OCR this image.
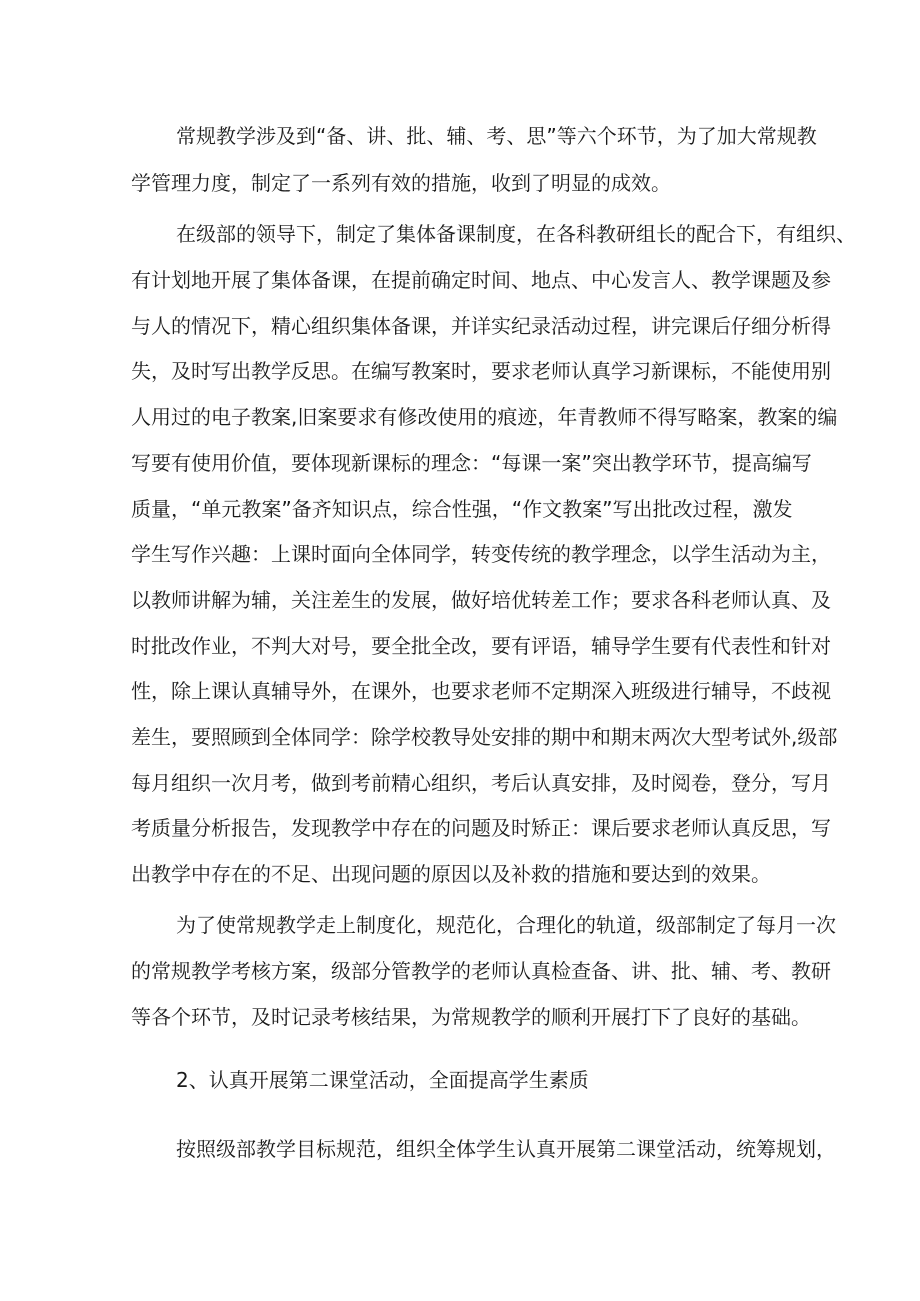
常规教学涉及到“备、讲、批、辅、考、思”等六个环节，为了加大常规教
学管理力度，制定了一系列有效的措施，收到了明显的成效。
在级部的领导下，制定了集体备课制度，在各科教研组长的配合下，有组织、
有计划地开展了集体备课，在提前确定时间、地点、中心发言人、教学课题及参
与人的情况下，精心组织集体备课，并详实纪录活动过程，讲完课后仔细分析得
失，及时写出教学反思。在编写教案时，要求老师认真学习新课标，不能使用别
人用过的电子教案,旧案要求有修改使用的痕迹，年青教师不得写略案，教案的编
写要有使用价值，要体现新课标的理念：“每课一案”突出教学环节，提高编写
质量，“单元教案”备齐知识点，综合性强，“作文教案”写出批改过程，激发
学生写作兴趣：上课时面向全体同学，转变传统的教学理念，以学生活动为主，
以教师讲解为辅，关注差生的发展，做好培优转差工作；要求各科老师认真、及
时批改作业，不判大对号，要全批全改，要有评语，辅导学生要有代表性和针对
性，除上课认真辅导外，在课外，也要求老师不定期深入班级进行辅导，不歧视
差生，要照顾到全体同学：除学校教导处安排的期中和期末两次大型考试外,级部
每月组织一次月考，做到考前精心组织，考后认真安排，及时阅卷，登分，写月
考质量分析报告，发现教学中存在的问题及时矫正：课后要求老师认真反思，写
出教学中存在的不足、出现问题的原因以及补救的措施和要达到的效果。
为了使常规教学走上制度化，规范化，合理化的轨道，级部制定了每月一次
的常规教学考核方案，级部分管教学的老师认真检查备、讲、批、辅、考、教研
等各个环节，及时记录考核结果，为常规教学的顺利开展打下了良好的基础。
2、认真开展第二课堂活动，全面提高学生素质
按照级部教学目标规范，组织全体学生认真开展第二课堂活动，统筹规划，
